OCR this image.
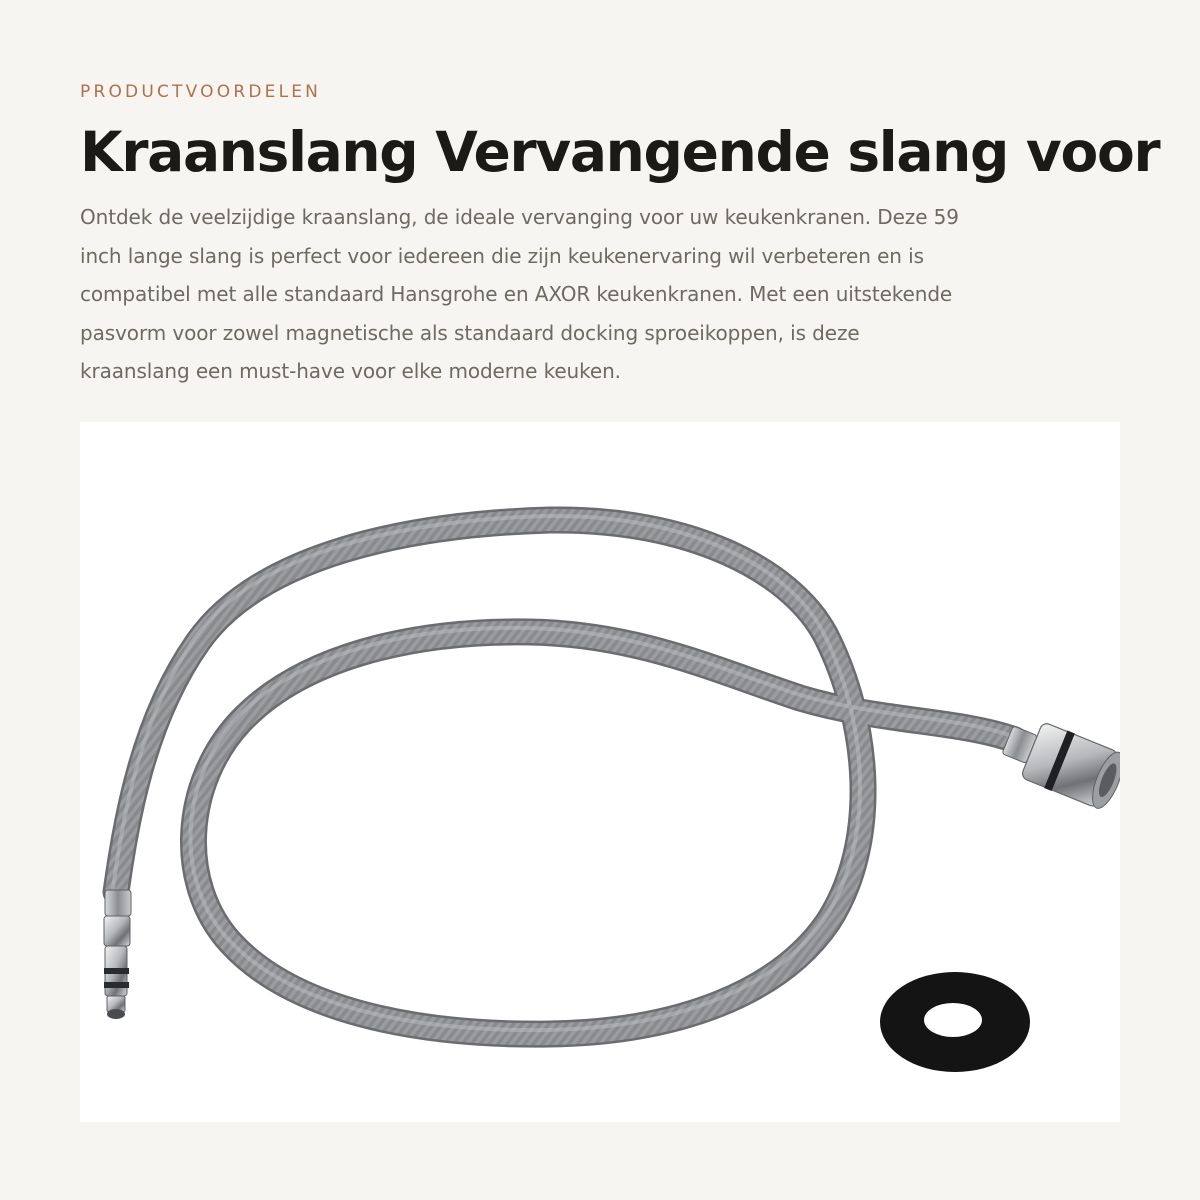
PRODUCTVOORDELEN
Kraanslang Vervangende slang voor
Ontdek de veelzijdige kraanslang, de ideale vervanging voor uw keukenkranen. Deze 59
inch lange slang is perfect voor iedereen die zijn keukenervaring wil verbeteren en is
compatibel met alle standaard Hansgrohe en AXOR keukenkranen. Met een uitstekende
pasvorm voor zowel magnetische als standaard docking sproeikoppen, is deze
kraanslang een must-have voor elke moderne keuken.
